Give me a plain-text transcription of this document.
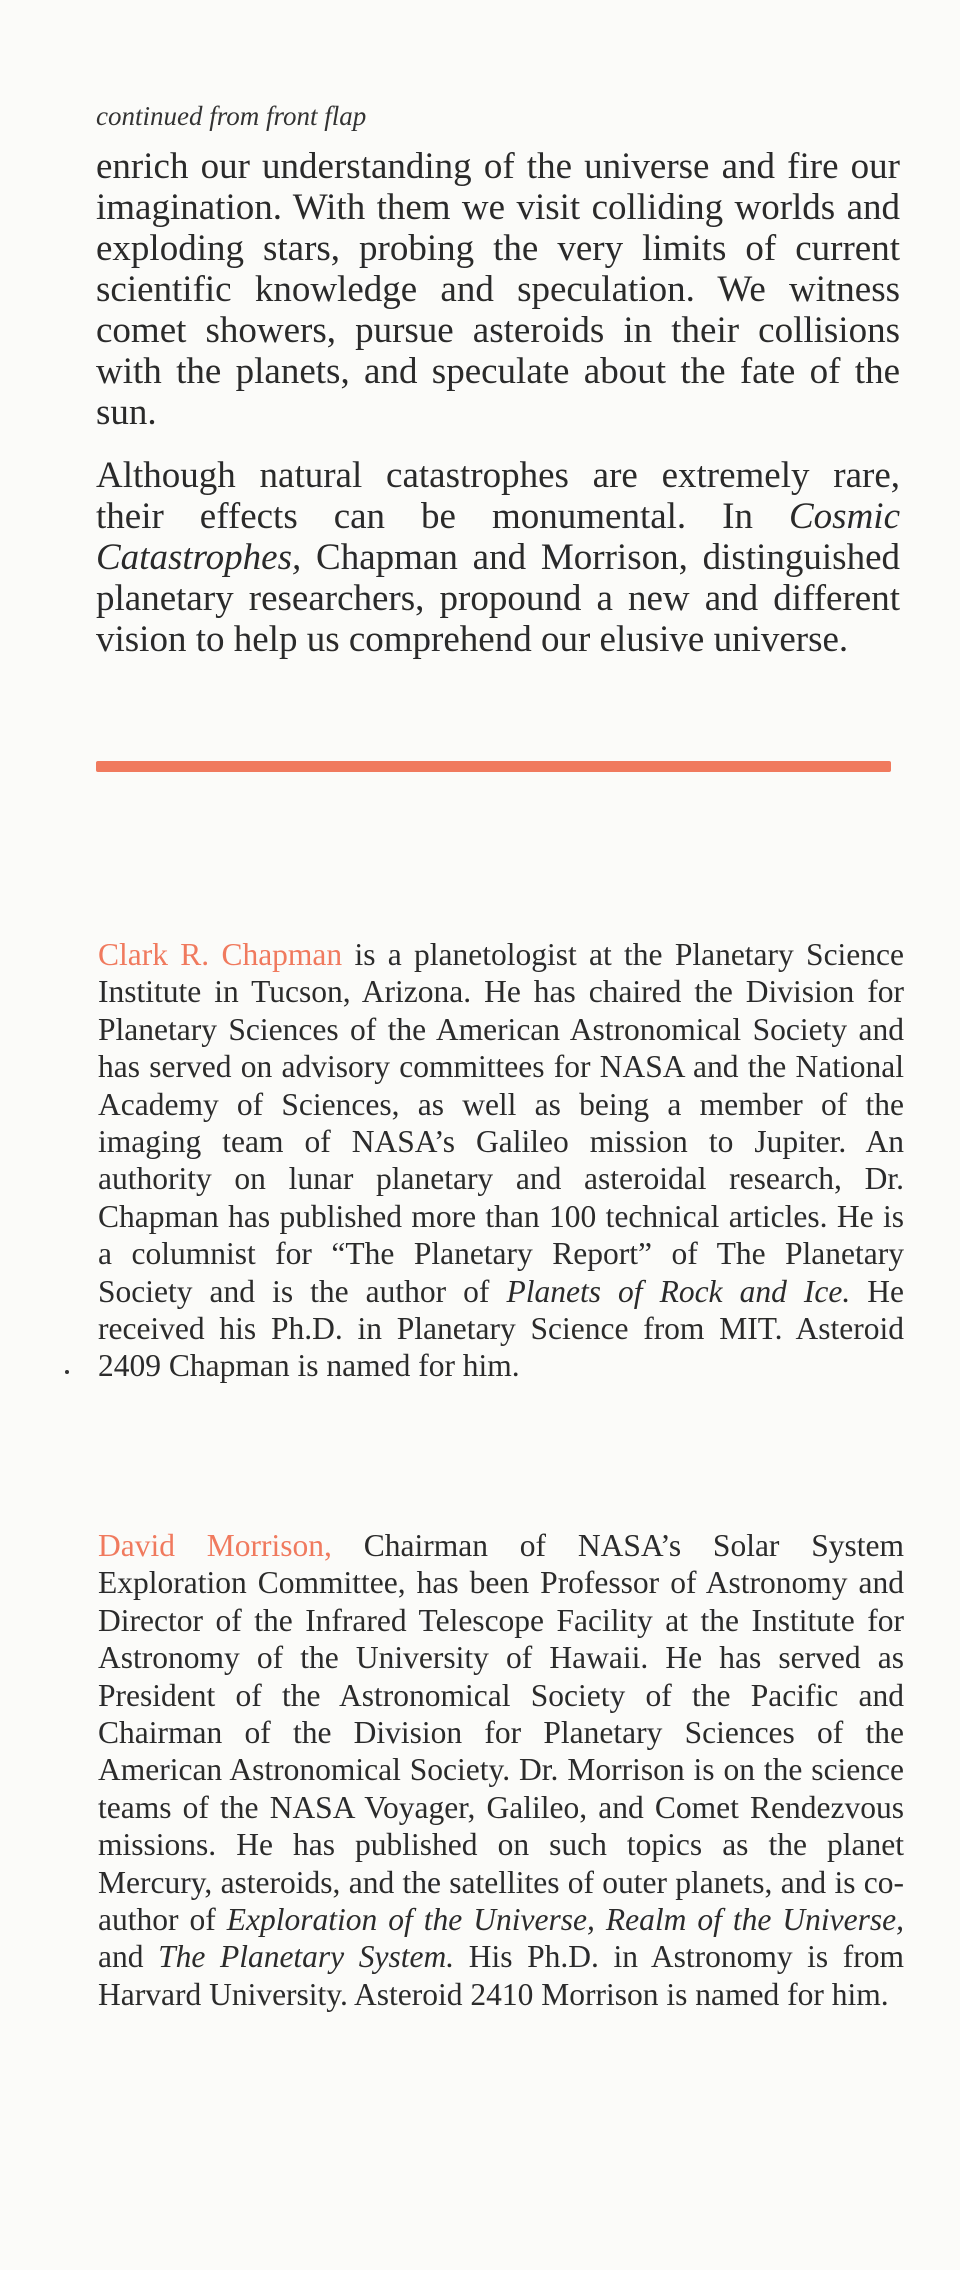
continued from front flap

enrich our understanding of the universe and fire our imagination. With them we visit colliding worlds and exploding stars, probing the very limits of current scientific knowledge and speculation. We witness comet showers, pursue asteroids in their collisions with the planets, and speculate about the fate of the sun.

Although natural catastrophes are extremely rare, their effects can be monumental. In Cosmic Catastrophes, Chapman and Morrison, distinguished planetary researchers, propound a new and different vision to help us comprehend our elusive universe.

Clark R. Chapman is a planetologist at the Planetary Science Institute in Tucson, Arizona. He has chaired the Division for Planetary Sciences of the American Astronomical Society and has served on advisory committees for NASA and the National Academy of Sciences, as well as being a member of the imaging team of NASA’s Galileo mission to Jupiter. An authority on lunar planetary and asteroidal research, Dr. Chapman has published more than 100 technical articles. He is a columnist for “The Planetary Report” of The Planetary Society and is the author of Planets of Rock and Ice. He received his Ph.D. in Planetary Science from MIT. Asteroid 2409 Chapman is named for him.

David Morrison, Chairman of NASA’s Solar System Exploration Committee, has been Professor of Astronomy and Director of the Infrared Telescope Facility at the Institute for Astronomy of the University of Hawaii. He has served as President of the Astronomical Society of the Pacific and Chairman of the Division for Planetary Sciences of the American Astronomical Society. Dr. Morrison is on the science teams of the NASA Voyager, Galileo, and Comet Rendezvous missions. He has published on such topics as the planet Mercury, asteroids, and the satellites of outer planets, and is co-author of Exploration of the Universe, Realm of the Universe, and The Planetary System. His Ph.D. in Astronomy is from Harvard University. Asteroid 2410 Morrison is named for him.
